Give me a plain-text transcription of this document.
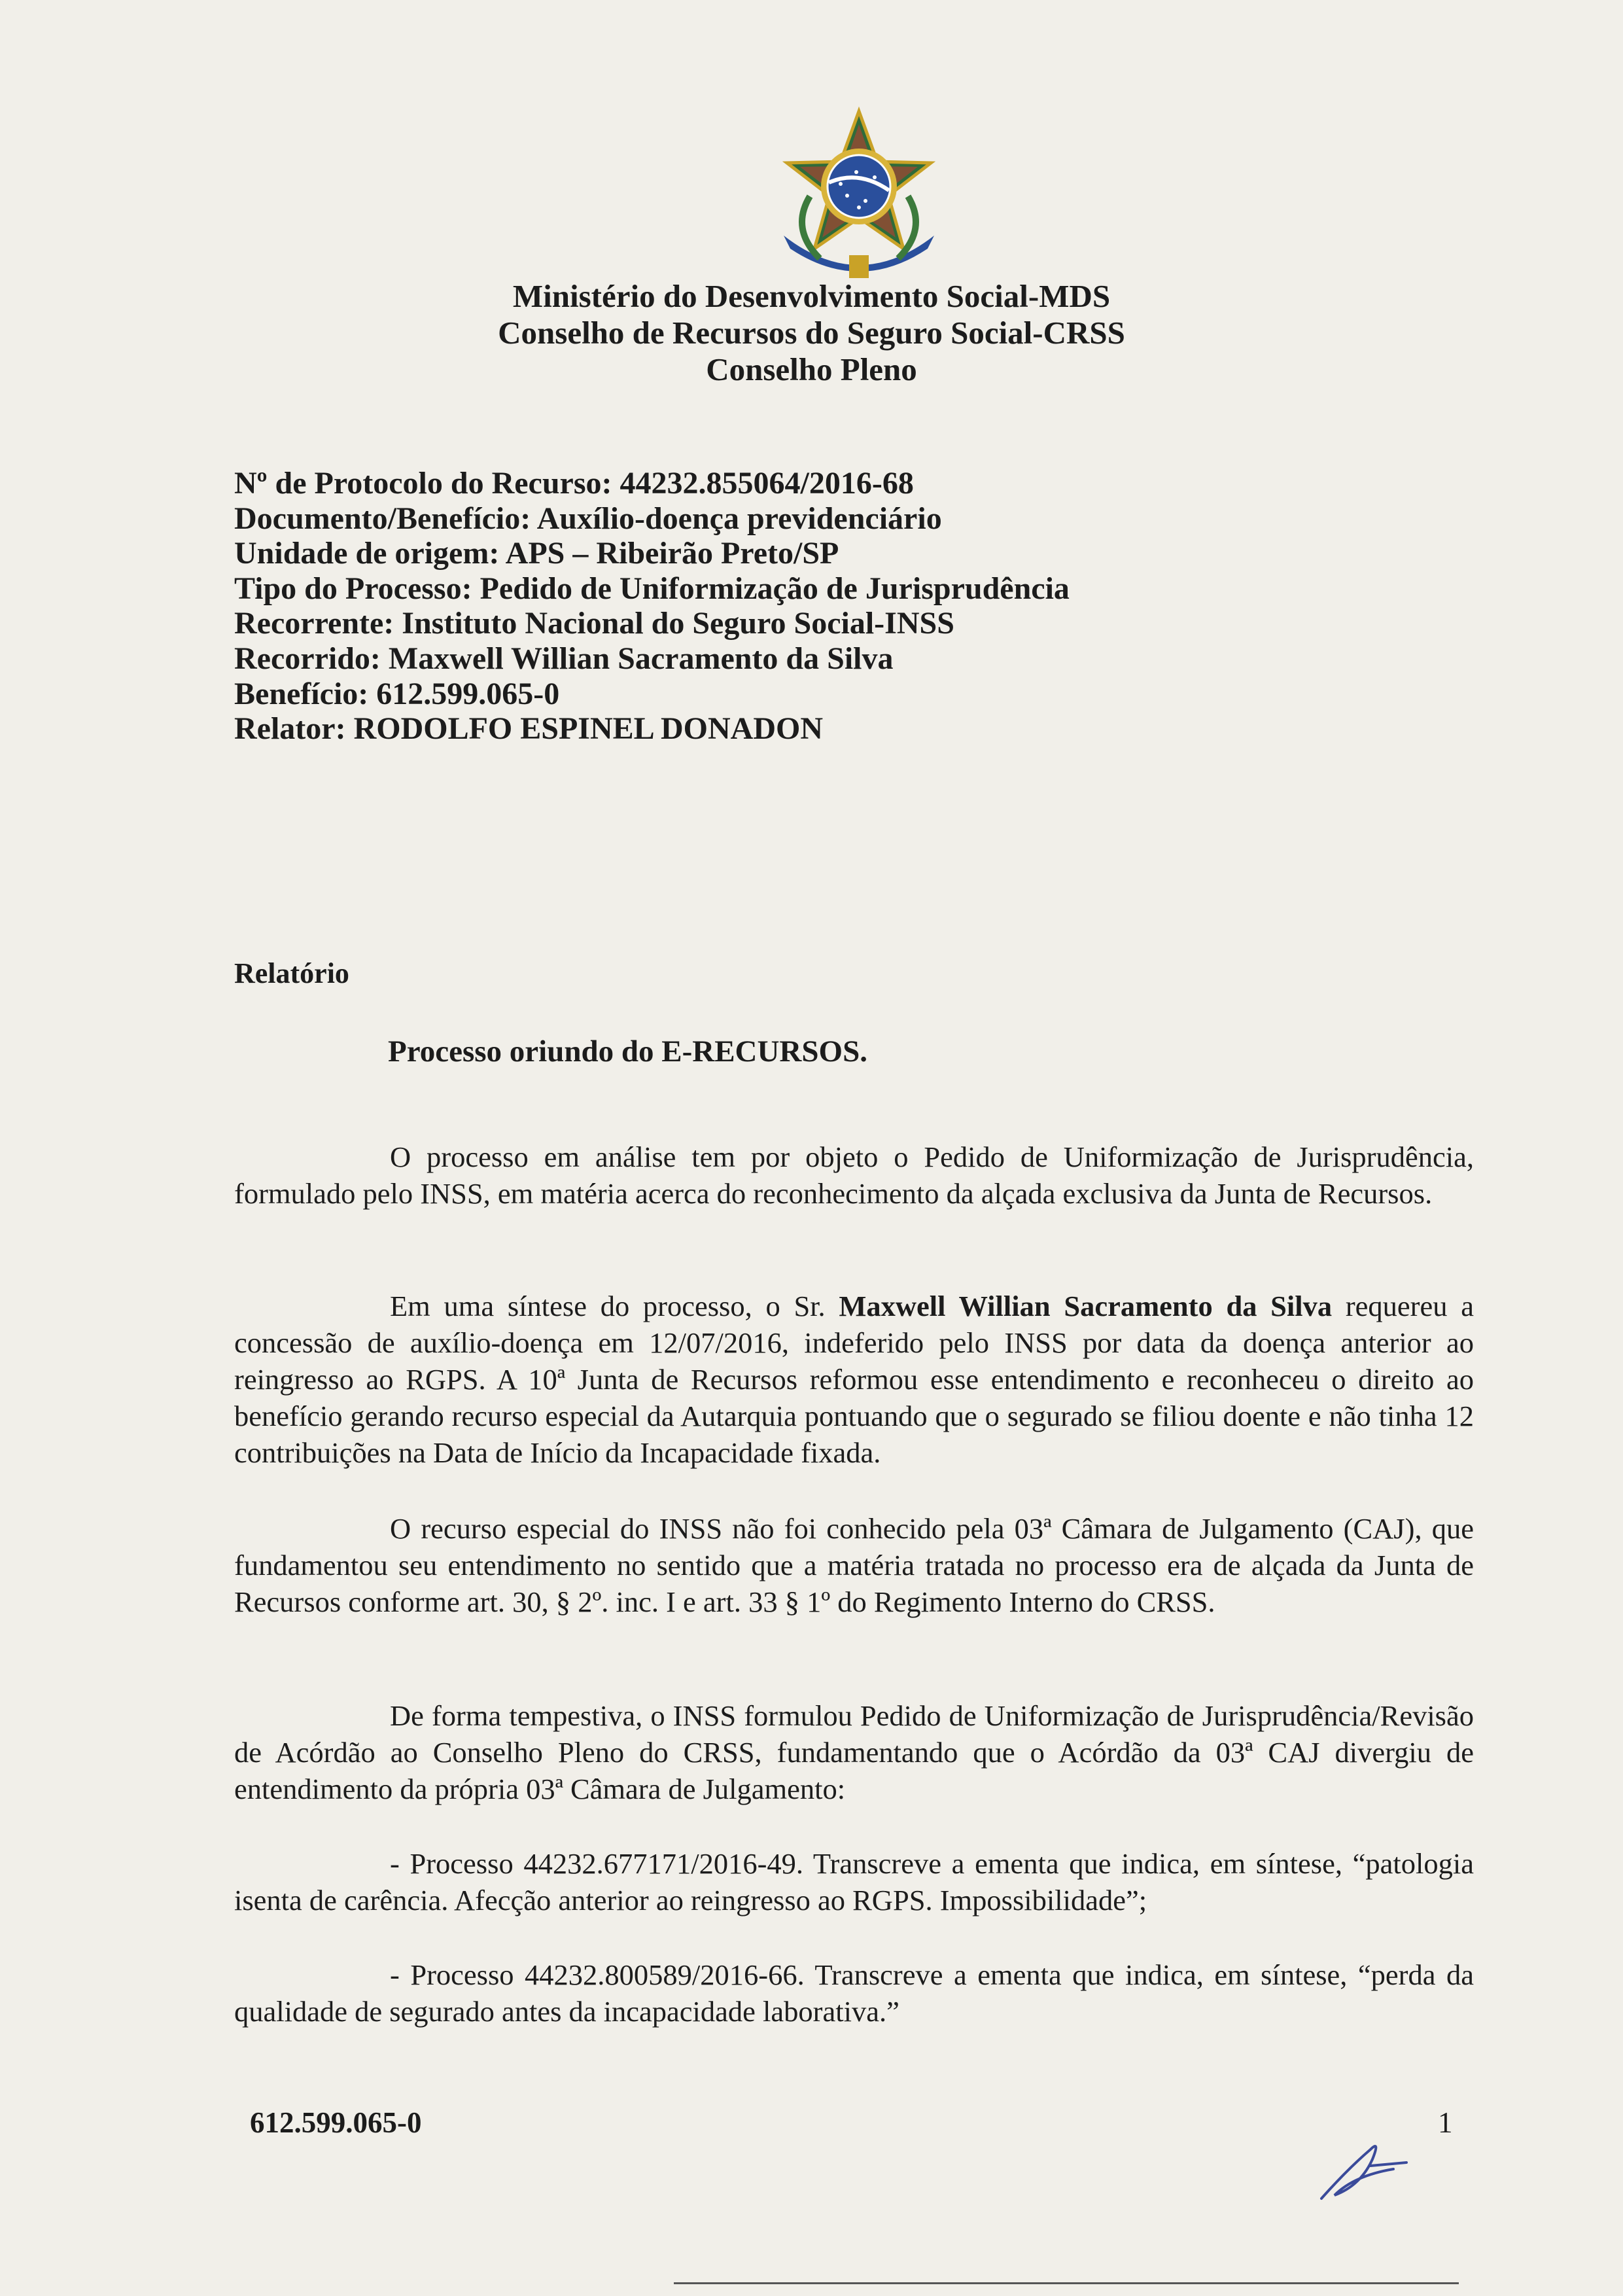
Ministério do Desenvolvimento Social-MDS
Conselho de Recursos do Seguro Social-CRSS
Conselho Pleno
Nº de Protocolo do Recurso: 44232.855064/2016-68
Documento/Benefício: Auxílio-doença previdenciário
Unidade de origem: APS – Ribeirão Preto/SP
Tipo do Processo: Pedido de Uniformização de Jurisprudência
Recorrente: Instituto Nacional do Seguro Social-INSS
Recorrido: Maxwell Willian Sacramento da Silva
Benefício: 612.599.065-0
Relator: RODOLFO ESPINEL DONADON
Relatório
Processo oriundo do E-RECURSOS.

O processo em análise tem por objeto o Pedido de Uniformização de Jurisprudência, formulado pelo INSS, em matéria acerca do reconhecimento da alçada exclusiva da Junta de Recursos.

Em uma síntese do processo, o Sr. Maxwell Willian Sacramento da Silva requereu a concessão de auxílio-doença em 12/07/2016, indeferido pelo INSS por data da doença anterior ao reingresso ao RGPS. A 10ª Junta de Recursos reformou esse entendimento e reconheceu o direito ao benefício gerando recurso especial da Autarquia pontuando que o segurado se filiou doente e não tinha 12 contribuições na Data de Início da Incapacidade fixada.

O recurso especial do INSS não foi conhecido pela 03ª Câmara de Julgamento (CAJ), que fundamentou seu entendimento no sentido que a matéria tratada no processo era de alçada da Junta de Recursos conforme art. 30, § 2º. inc. I e art. 33 § 1º do Regimento Interno do CRSS.

De forma tempestiva, o INSS formulou Pedido de Uniformização de Jurisprudência/Revisão de Acórdão ao Conselho Pleno do CRSS, fundamentando que o Acórdão da 03ª CAJ divergiu de entendimento da própria 03ª Câmara de Julgamento:

- Processo 44232.677171/2016-49. Transcreve a ementa que indica, em síntese, “patologia isenta de carência. Afecção anterior ao reingresso ao RGPS. Impossibilidade”;

- Processo 44232.800589/2016-66. Transcreve a ementa que indica, em síntese, “perda da qualidade de segurado antes da incapacidade laborativa.”

612.599.065-0	1
